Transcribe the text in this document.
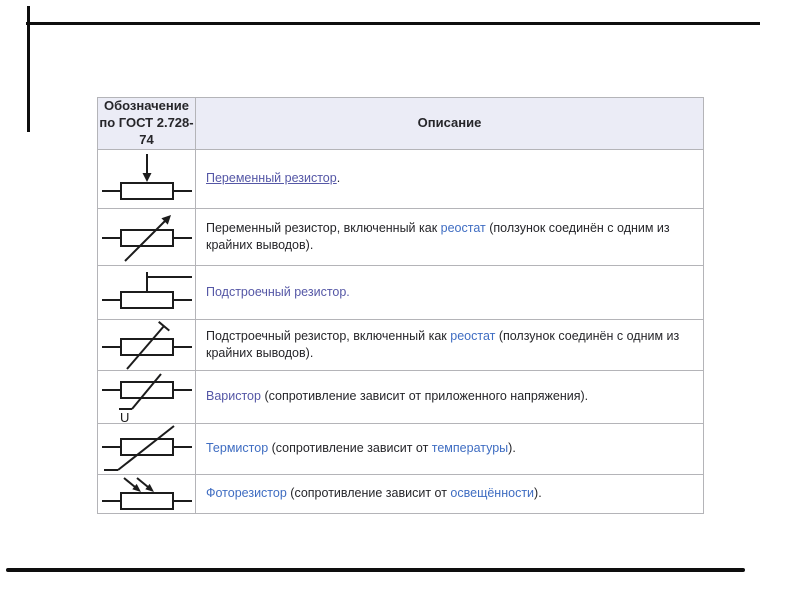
Обозначение
по ГОСТ 2.728-74	Описание

	Переменный резистор.

	Переменный резистор, включенный как реостат (ползунок соединён с одним из крайних выводов).

	Подстроечный резистор.

	Подстроечный резистор, включенный как реостат (ползунок соединён с одним из крайних выводов).

U	Варистор (сопротивление зависит от приложенного напряжения).

	Термистор (сопротивление зависит от температуры).

	Фоторезистор (сопротивление зависит от освещённости).
